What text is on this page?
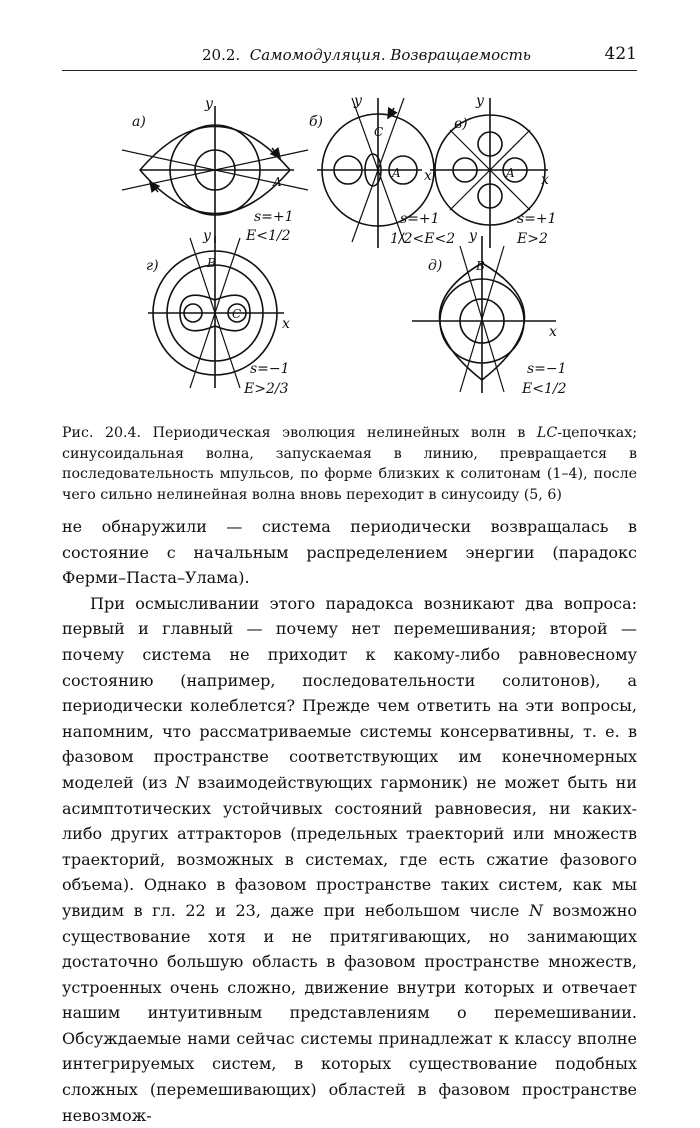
20.2. Самомодуляция. Возвращаемость	421
а)
y
A
s=+1
E<1/2
б)
y
x
A
C
s=+1
1/2<E<2
в)
y
x
A
s=+1
E>2
г)
y
x
B
C
s=−1
E>2/3
д)
y
x
B
s=−1
E<1/2
Рис. 20.4. Периодическая эволюция нелинейных волн в LC-цепочках; синусоидальная волна, запускаемая в линию, превращается в последовательность мпульсов, по форме близких к солитонам (1–4), после чего сильно нелинейная волна вновь переходит в синусоиду (5, 6)

не обнаружили — система периодически возвращалась в состояние с начальным распределением энергии (парадокс Ферми–Паста–Улама).

При осмысливании этого парадокса возникают два вопроса: первый и главный — почему нет перемешивания; второй — почему система не приходит к какому-либо равновесному состоянию (например, последовательности солитонов), а периодически колеблется? Прежде чем ответить на эти вопросы, напомним, что рассматриваемые системы консервативны, т. е. в фазовом пространстве соответствующих им конечномерных моделей (из N взаимодействующих гармоник) не может быть ни асимптотических устойчивых состояний равновесия, ни каких-либо других аттракторов (предельных траекторий или множеств траекторий, возможных в системах, где есть сжатие фазового объема). Однако в фазовом пространстве таких систем, как мы увидим в гл. 22 и 23, даже при небольшом числе N возможно существование хотя и не притягивающих, но занимающих достаточно большую область в фазовом пространстве множеств, устроенных очень сложно, движение внутри которых и отвечает нашим интуитивным представлениям о перемешивании. Обсуждаемые нами сейчас системы принадлежат к классу вполне интегрируемых систем, в которых существование подобных сложных (перемешивающих) областей в фазовом пространстве невозмож-
